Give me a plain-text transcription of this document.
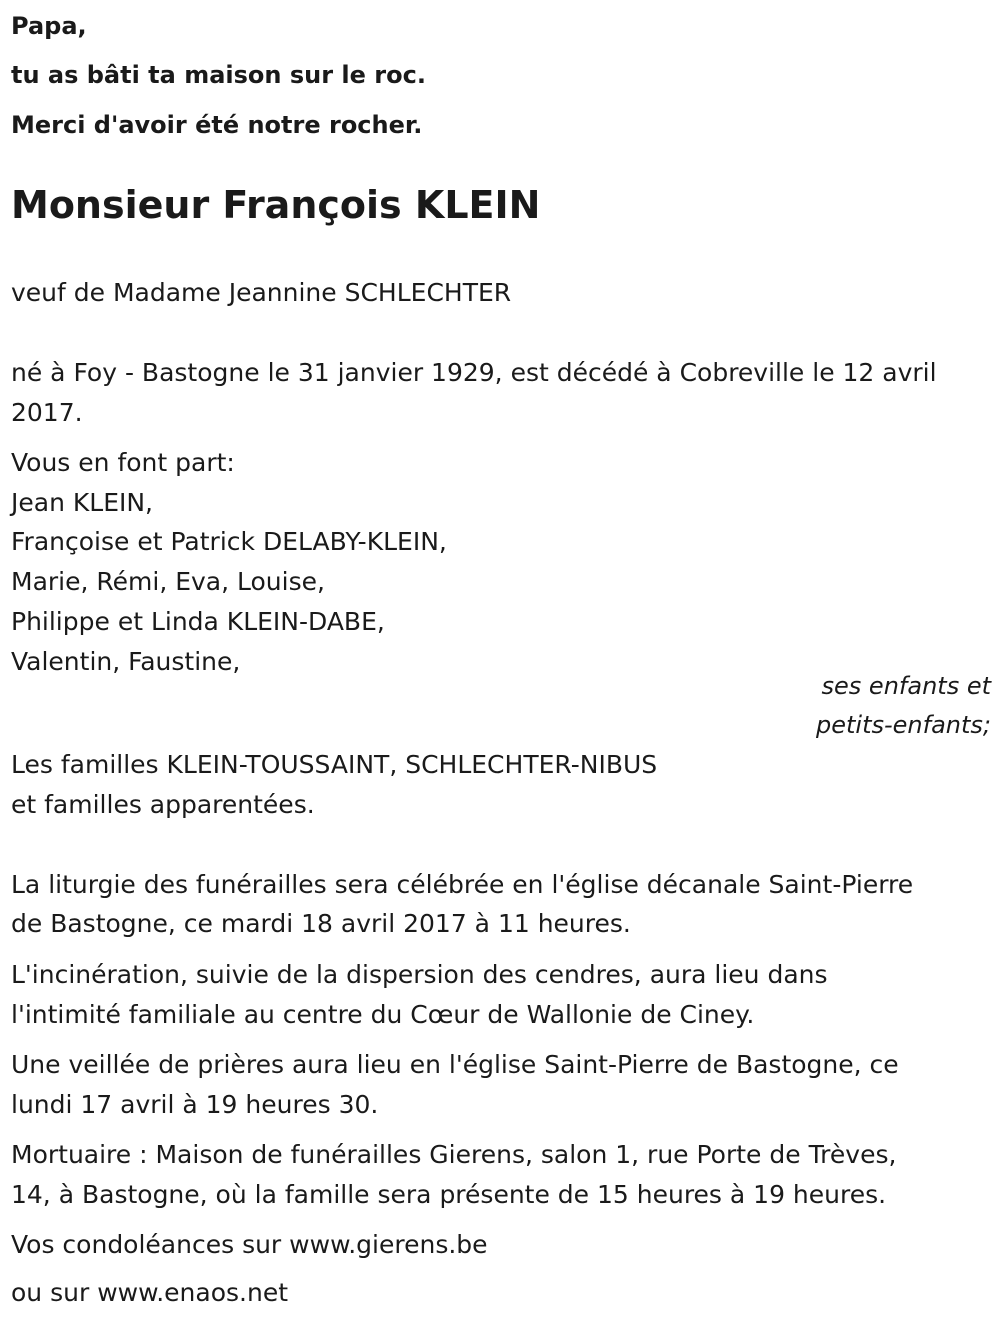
Papa,
tu as bâti ta maison sur le roc.
Merci d'avoir été notre rocher.
Monsieur François KLEIN
veuf de Madame Jeannine SCHLECHTER
né à Foy - Bastogne le 31 janvier 1929, est décédé à Cobreville le 12 avril
2017.
Vous en font part:
Jean KLEIN,
Françoise et Patrick DELABY-KLEIN,
Marie, Rémi, Eva, Louise,
Philippe et Linda KLEIN-DABE,
Valentin, Faustine,
ses enfants et
petits-enfants;
Les familles KLEIN-TOUSSAINT, SCHLECHTER-NIBUS
et familles apparentées.
La liturgie des funérailles sera célébrée en l'église décanale Saint-Pierre
de Bastogne, ce mardi 18 avril 2017 à 11 heures.
L'incinération, suivie de la dispersion des cendres, aura lieu dans
l'intimité familiale au centre du Cœur de Wallonie de Ciney.
Une veillée de prières aura lieu en l'église Saint-Pierre de Bastogne, ce
lundi 17 avril à 19 heures 30.
Mortuaire : Maison de funérailles Gierens, salon 1, rue Porte de Trèves,
14, à Bastogne, où la famille sera présente de 15 heures à 19 heures.
Vos condoléances sur www.gierens.be
ou sur www.enaos.net
